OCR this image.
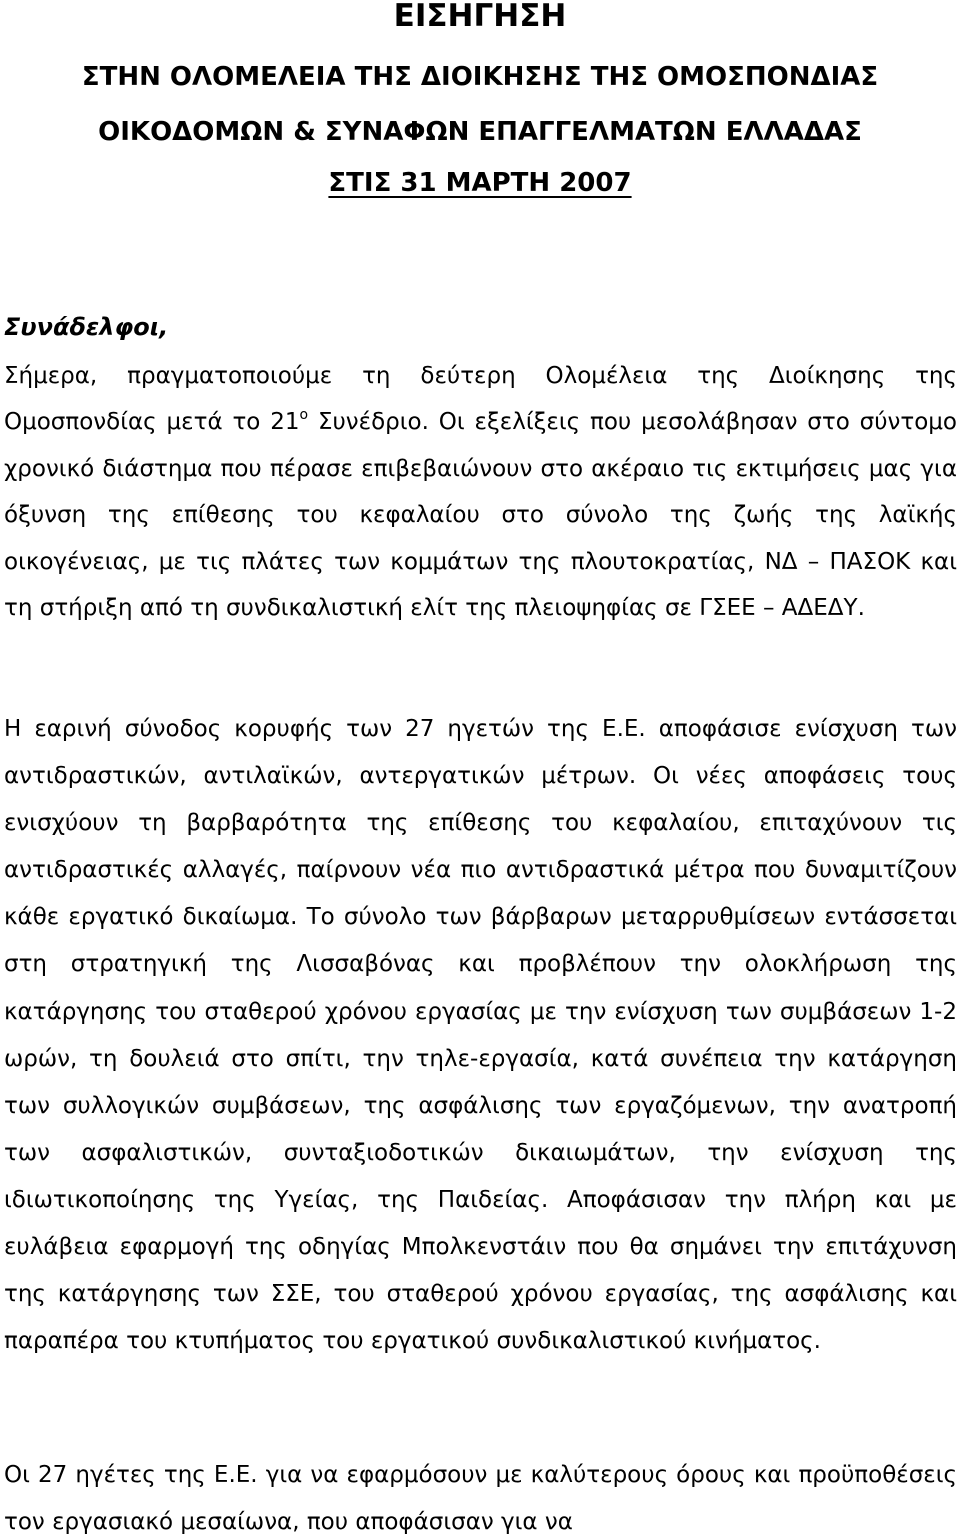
ΕΙΣΗΓΗΣΗ
ΣΤΗΝ ΟΛΟΜΕΛΕΙΑ ΤΗΣ ΔΙΟΙΚΗΣΗΣ ΤΗΣ ΟΜΟΣΠΟΝΔΙΑΣ
ΟΙΚΟΔΟΜΩΝ & ΣΥΝΑΦΩΝ ΕΠΑΓΓΕΛΜΑΤΩΝ ΕΛΛΑΔΑΣ
ΣΤΙΣ 31 ΜΑΡΤΗ 2007

Συνάδελφοι,

Σήμερα, πραγματοποιούμε τη δεύτερη Ολομέλεια της Διοίκησης της Ομοσπονδίας μετά το $21^o$ Συνέδριο. Οι εξελίξεις που μεσολάβησαν στο σύντομο χρονικό διάστημα που πέρασε επιβεβαιώνουν στο ακέραιο τις εκτιμήσεις μας για όξυνση της επίθεσης του κεφαλαίου στο σύνολο της ζωής της λαϊκής οικογένειας, με τις πλάτες των κομμάτων της πλουτοκρατίας, ΝΔ – ΠΑΣΟΚ και τη στήριξη από τη συνδικαλιστική ελίτ της πλειοψηφίας σε ΓΣΕΕ – ΑΔΕΔΥ.

Η εαρινή σύνοδος κορυφής των 27 ηγετών της Ε.Ε. αποφάσισε ενίσχυση των αντιδραστικών, αντιλαϊκών, αντεργατικών μέτρων. Οι νέες αποφάσεις τους ενισχύουν τη βαρβαρότητα της επίθεσης του κεφαλαίου, επιταχύνουν τις αντιδραστικές αλλαγές, παίρνουν νέα πιο αντιδραστικά μέτρα που δυναμιτίζουν κάθε εργατικό δικαίωμα. Το σύνολο των βάρβαρων μεταρρυθμίσεων εντάσσεται στη στρατηγική της Λισσαβόνας και προβλέπουν την ολοκλήρωση της κατάργησης του σταθερού χρόνου εργασίας με την ενίσχυση των συμβάσεων 1-2 ωρών, τη δουλειά στο σπίτι, την τηλε-εργασία, κατά συνέπεια την κατάργηση των συλλογικών συμβάσεων, της ασφάλισης των εργαζόμενων, την ανατροπή των ασφαλιστικών, συνταξιοδοτικών δικαιωμάτων, την ενίσχυση της ιδιωτικοποίησης της Υγείας, της Παιδείας. Αποφάσισαν την πλήρη και με ευλάβεια εφαρμογή της οδηγίας Μπολκενστάιν που θα σημάνει την επιτάχυνση της κατάργησης των ΣΣΕ, του σταθερού χρόνου εργασίας, της ασφάλισης και παραπέρα του κτυπήματος του εργατικού συνδικαλιστικού κινήματος.

Οι 27 ηγέτες της Ε.Ε. για να εφαρμόσουν με καλύτερους όρους και προϋποθέσεις τον εργασιακό μεσαίωνα, που αποφάσισαν για να
